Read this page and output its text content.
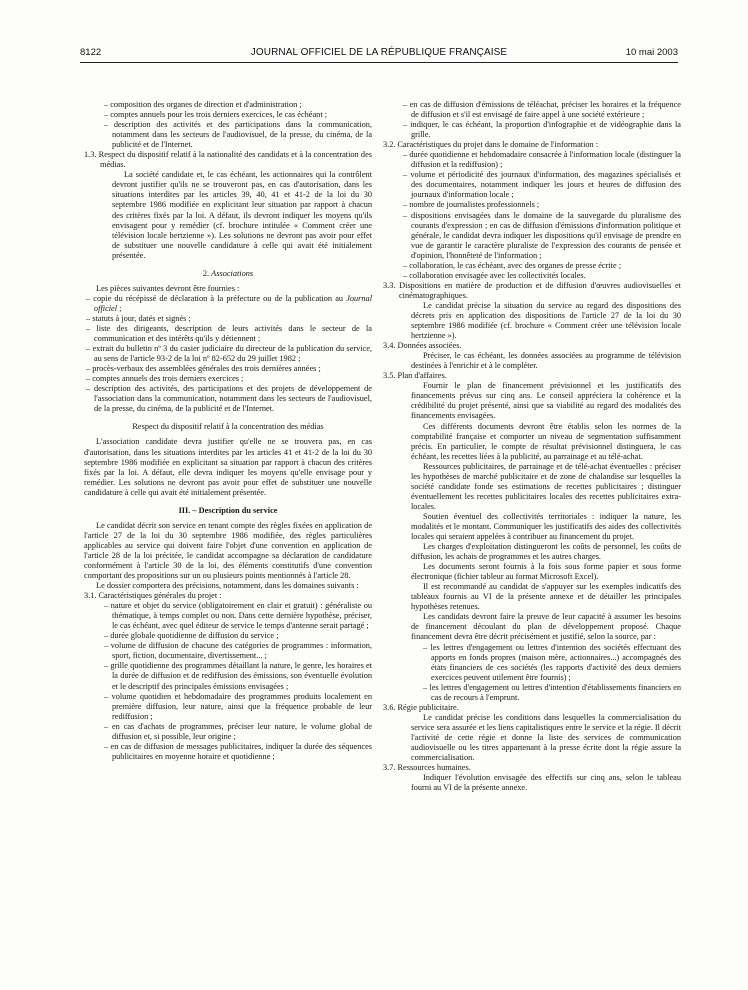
8122	JOURNAL OFFICIEL DE LA RÉPUBLIQUE FRANÇAISE	10 mai 2003

– composition des organes de direction et d'administration ;

– comptes annuels pour les trois derniers exercices, le cas échéant ;

– description des activités et des participations dans la communication, notamment dans les secteurs de l'audiovisuel, de la presse, du cinéma, de la publicité et de l'Internet.

1.3. Respect du dispositif relatif à la nationalité des candidats et à la concentration des médias.

La société candidate et, le cas échéant, les actionnaires qui la contrôlent devront justifier qu'ils ne se trouveront pas, en cas d'autorisation, dans les situations interdites par les articles 39, 40, 41 et 41-2 de la loi du 30 septembre 1986 modifiée en explicitant leur situation par rapport à chacun des critères fixés par la loi. A défaut, ils devront indiquer les moyens qu'ils envisagent pour y remédier (cf. brochure intitulée « Comment créer une télévision locale hertzienne »). Les solutions ne devront pas avoir pour effet de substituer une nouvelle candidature à celle qui avait été initialement présentée.

2. Associations

Les pièces suivantes devront être fournies :

– copie du récépissé de déclaration à la préfecture ou de la publication au Journal officiel ;

– statuts à jour, datés et signés ;

– liste des dirigeants, description de leurs activités dans le secteur de la communication et des intérêts qu'ils y détiennent ;

– extrait du bulletin nº 3 du casier judiciaire du directeur de la publication du service, au sens de l'article 93-2 de la loi nº 82-652 du 29 juillet 1982 ;

– procès-verbaux des assemblées générales des trois dernières années ;

– comptes annuels des trois derniers exercices ;

– description des activités, des participations et des projets de développement de l'association dans la communication, notamment dans les secteurs de l'audiovisuel, de la presse, du cinéma, de la publicité et de l'Internet.

Respect du dispositif relatif à la concentration des médias

L'association candidate devra justifier qu'elle ne se trouvera pas, en cas d'autorisation, dans les situations interdites par les articles 41 et 41-2 de la loi du 30 septembre 1986 modifiée en explicitant sa situation par rapport à chacun des critères fixés par la loi. A défaut, elle devra indiquer les moyens qu'elle envisage pour y remédier. Les solutions ne devront pas avoir pour effet de substituer une nouvelle candidature à celle qui avait été initialement présentée.

III. – Description du service

Le candidat décrit son service en tenant compte des règles fixées en application de l'article 27 de la loi du 30 septembre 1986 modifiée, des règles particulières applicables au service qui doivent faire l'objet d'une convention en application de l'article 28 de la loi précitée, le candidat accompagne sa déclaration de candidature conformément à l'article 30 de la loi, des éléments constitutifs d'une convention comportant des propositions sur un ou plusieurs points mentionnés à l'article 28.

Le dossier comportera des précisions, notamment, dans les domaines suivants :

3.1. Caractéristiques générales du projet :

– nature et objet du service (obligatoirement en clair et gratuit) : généraliste ou thématique, à temps complet ou non. Dans cette dernière hypothèse, préciser, le cas échéant, avec quel éditeur de service le temps d'antenne serait partagé ;

– durée globale quotidienne de diffusion du service ;

– volume de diffusion de chacune des catégories de programmes : information, sport, fiction, documentaire, divertissement... ;

– grille quotidienne des programmes détaillant la nature, le genre, les horaires et la durée de diffusion et de rediffusion des émissions, son éventuelle évolution et le descriptif des principales émissions envisagées ;

– volume quotidien et hebdomadaire des programmes produits localement en première diffusion, leur nature, ainsi que la fréquence probable de leur rediffusion ;

– en cas d'achats de programmes, préciser leur nature, le volume global de diffusion et, si possible, leur origine ;

– en cas de diffusion de messages publicitaires, indiquer la durée des séquences publicitaires en moyenne horaire et quotidienne ;

– en cas de diffusion d'émissions de téléachat, préciser les horaires et la fréquence de diffusion et s'il est envisagé de faire appel à une société extérieure ;

– indiquer, le cas échéant, la proportion d'infographie et de vidéographie dans la grille.

3.2. Caractéristiques du projet dans le domaine de l'information :

– durée quotidienne et hebdomadaire consacrée à l'information locale (distinguer la diffusion et la rediffusion) ;

– volume et périodicité des journaux d'information, des magazines spécialisés et des documentaires, notamment indiquer les jours et heures de diffusion des journaux d'information locale ;

– nombre de journalistes professionnels ;

– dispositions envisagées dans le domaine de la sauvegarde du pluralisme des courants d'expression ; en cas de diffusion d'émissions d'information politique et générale, le candidat devra indiquer les dispositions qu'il envisage de prendre en vue de garantir le caractère pluraliste de l'expression des courants de pensée et d'opinion, l'honnêteté de l'information ;

– collaboration, le cas échéant, avec des organes de presse écrite ;

– collaboration envisagée avec les collectivités locales.

3.3. Dispositions en matière de production et de diffusion d'œuvres audiovisuelles et cinématographiques.

Le candidat précise la situation du service au regard des dispositions des décrets pris en application des dispositions de l'article 27 de la loi du 30 septembre 1986 modifiée (cf. brochure « Comment créer une télévision locale hertzienne »).

3.4. Données associées.

Préciser, le cas échéant, les données associées au programme de télévision destinées à l'enrichir et à le compléter.

3.5. Plan d'affaires.

Fournir le plan de financement prévisionnel et les justificatifs des financements prévus sur cinq ans. Le conseil appréciera la cohérence et la crédibilité du projet présenté, ainsi que sa viabilité au regard des modalités des financements envisagées.

Ces différents documents devront être établis selon les normes de la comptabilité française et comporter un niveau de segmentation suffisamment précis. En particulier, le compte de résultat prévisionnel distinguera, le cas échéant, les recettes liées à la publicité, au parrainage et au télé-achat.

Ressources publicitaires, de parrainage et de télé-achat éventuelles : préciser les hypothèses de marché publicitaire et de zone de chalandise sur lesquelles la société candidate fonde ses estimations de recettes publicitaires ; distinguer éventuellement les recettes publicitaires locales des recettes publicitaires extra-locales.

Soutien éventuel des collectivités territoriales : indiquer la nature, les modalités et le montant. Communiquer les justificatifs des aides des collectivités locales qui seraient appelées à contribuer au financement du projet.

Les charges d'exploitation distingueront les coûts de personnel, les coûts de diffusion, les achats de programmes et les autres charges.

Les documents seront fournis à la fois sous forme papier et sous forme électronique (fichier tableur au format Microsoft Excel).

Il est recommandé au candidat de s'appuyer sur les exemples indicatifs des tableaux fournis au VI de la présente annexe et de détailler les principales hypothèses retenues.

Les candidats devront faire la preuve de leur capacité à assumer les besoins de financement découlant du plan de développement proposé. Chaque financement devra être décrit précisément et justifié, selon la source, par :

– les lettres d'engagement ou lettres d'intention des sociétés effectuant des apports en fonds propres (maison mère, actionnaires...) accompagnés des états financiers de ces sociétés (les rapports d'activité des deux derniers exercices peuvent utilement être fournis) ;

– les lettres d'engagement ou lettres d'intention d'établissements financiers en cas de recours à l'emprunt.

3.6. Régie publicitaire.

Le candidat précise les conditions dans lesquelles la commercialisation du service sera assurée et les liens capitalistiques entre le service et la régie. Il décrit l'activité de cette régie et donne la liste des services de communication audiovisuelle ou les titres appartenant à la presse écrite dont la régie assure la commercialisation.

3.7. Ressources humaines.

Indiquer l'évolution envisagée des effectifs sur cinq ans, selon le tableau fourni au VI de la présente annexe.
